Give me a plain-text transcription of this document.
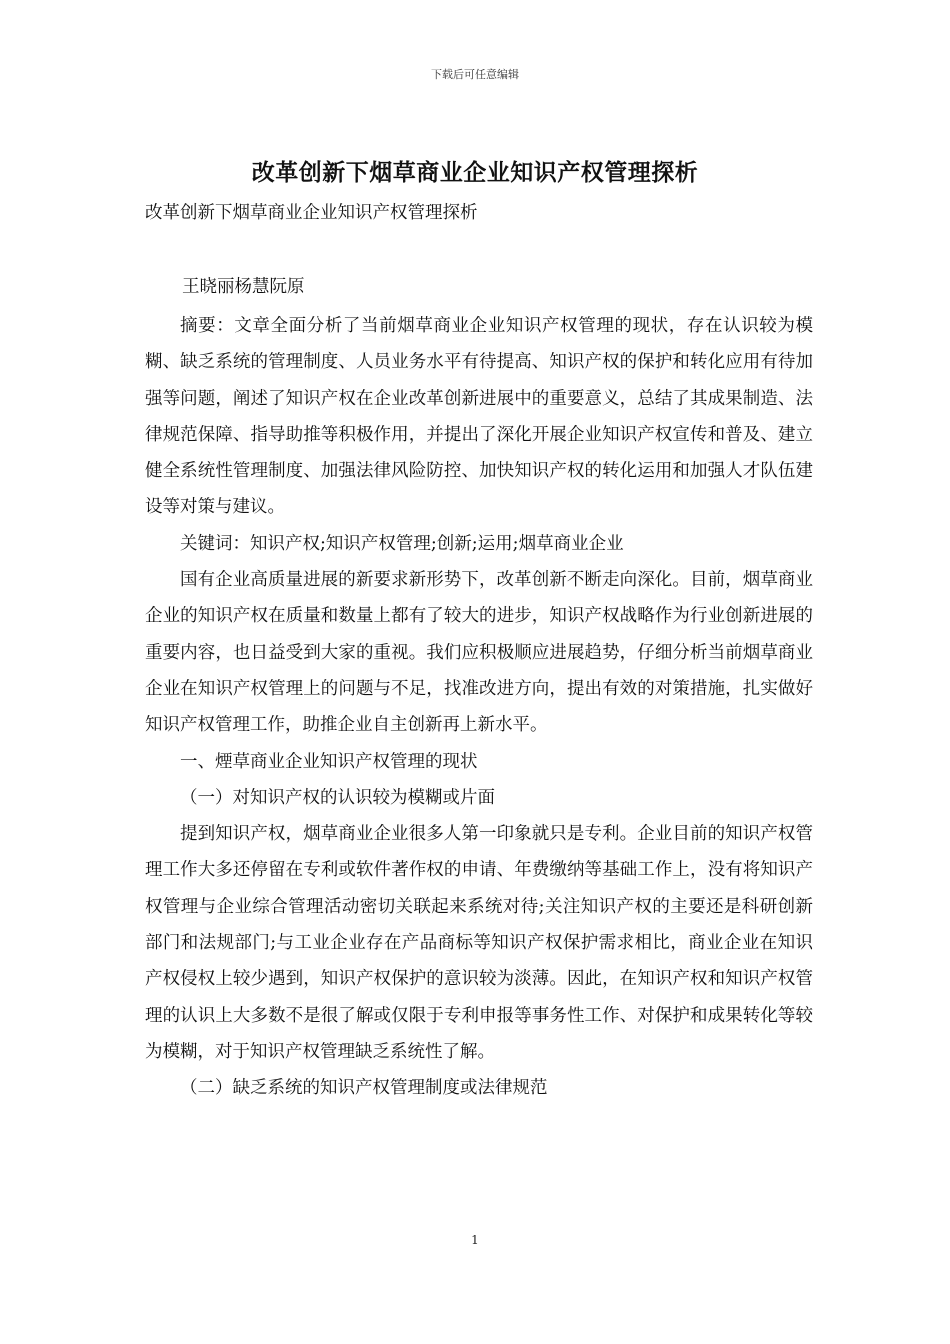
下载后可任意编辑
改革创新下烟草商业企业知识产权管理探析
改革创新下烟草商业企业知识产权管理探析
王晓丽杨慧阮原

摘要：文章全面分析了当前烟草商业企业知识产权管理的现状，存在认识较为模糊、缺乏系统的管理制度、人员业务水平有待提高、知识产权的保护和转化应用有待加强等问题，阐述了知识产权在企业改革创新进展中的重要意义，总结了其成果制造、法律规范保障、指导助推等积极作用，并提出了深化开展企业知识产权宣传和普及、建立健全系统性管理制度、加强法律风险防控、加快知识产权的转化运用和加强人才队伍建设等对策与建议。

关键词：知识产权;知识产权管理;创新;运用;烟草商业企业

国有企业高质量进展的新要求新形势下，改革创新不断走向深化。目前，烟草商业企业的知识产权在质量和数量上都有了较大的进步，知识产权战略作为行业创新进展的重要内容，也日益受到大家的重视。我们应积极顺应进展趋势，仔细分析当前烟草商业企业在知识产权管理上的问题与不足，找准改进方向，提出有效的对策措施，扎实做好知识产权管理工作，助推企业自主创新再上新水平。

一、煙草商业企业知识产权管理的现状

（一）对知识产权的认识较为模糊或片面

提到知识产权，烟草商业企业很多人第一印象就只是专利。企业目前的知识产权管理工作大多还停留在专利或软件著作权的申请、年费缴纳等基础工作上，没有将知识产权管理与企业综合管理活动密切关联起来系统对待;关注知识产权的主要还是科研创新部门和法规部门;与工业企业存在产品商标等知识产权保护需求相比，商业企业在知识产权侵权上较少遇到，知识产权保护的意识较为淡薄。因此，在知识产权和知识产权管理的认识上大多数不是很了解或仅限于专利申报等事务性工作、对保护和成果转化等较为模糊，对于知识产权管理缺乏系统性了解。

（二）缺乏系统的知识产权管理制度或法律规范

1
